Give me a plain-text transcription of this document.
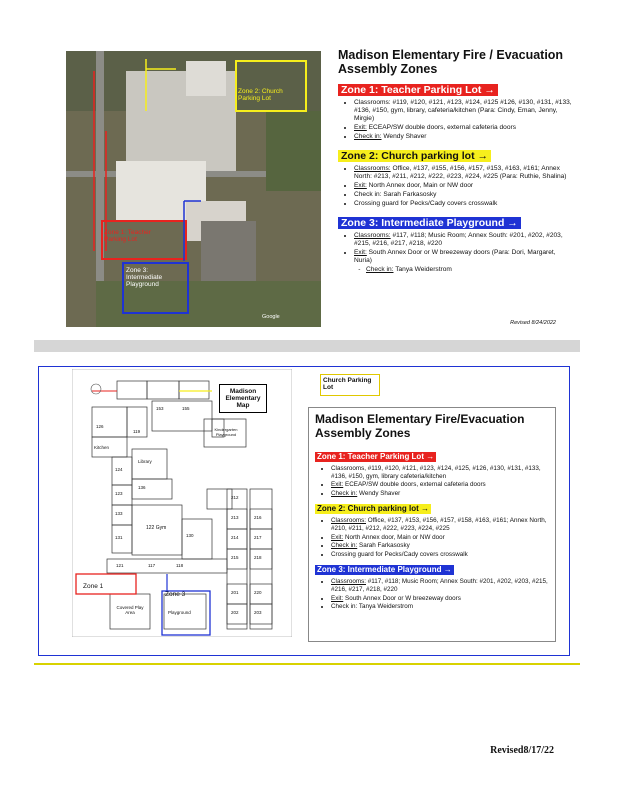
Zone 2: Church Parking Lot
Zone 1: Teacher Parking Lot
Zone 3: Intermediate Playground
Google
Madison Elementary Fire / Evacuation
Assembly Zones
Zone 1: Teacher Parking Lot →
• Classrooms: #119, #120, #121, #123, #124, #125 #126, #130, #131, #133, #136, #150, gym, library, cafeteria/kitchen (Para: Cindy, Eman, Jenny, Mirgie)
• Exit: ECEAP/SW double doors, external cafeteria doors
• Check in: Wendy Shaver
Zone 2: Church parking lot →
• Classrooms: Office, #137, #155, #156, #157, #153, #163, #161; Annex North: #213, #211, #212, #222, #223, #224, #225 (Para: Ruthie, Shalina)
• Exit: North Annex door, Main or NW door
• Check in: Sarah Farkasosky
• Crossing guard for Pecks/Cady covers crosswalk
Zone 3: Intermediate Playground →
• Classrooms: #117, #118; Music Room; Annex South: #201, #202, #203, #215, #216, #217, #218, #220
• Exit: South Annex Door or W breezeway doors (Para: Dori, Margaret, Nuria)
- Check in: Tanya Weiderstrom
Revised 8/24/2022
Zone 1
Zone 3
126
119
153	155
Kitchen
124
123
Library
136
133
131
122 Gym
130
121	117	118
Kindergarten Playground
212
213
214
215
216
217
218
220
201
202	203
Covered Play Area	Playground
Madison Elementary Map
Church Parking Lot
Madison Elementary Fire/Evacuation
Assembly Zones
Zone 1: Teacher Parking Lot →
• Classrooms, #119, #120, #121, #123, #124, #125, #126, #130, #131, #133, #136, #150, gym, library cafeteria/kitchen
• Exit: ECEAP/SW double doors, external cafeteria doors
• Check in: Wendy Shaver
Zone 2: Church parking lot →
• Classrooms: Office, #137, #153, #156, #157, #158, #163, #161; Annex North, #210, #211, #212, #222, #223, #224, #225
• Exit: North Annex door, Main or NW door
• Check in: Sarah Farkasosky
• Crossing guard for Pecks/Cady covers crosswalk
Zone 3: Intermediate Playground →
• Classrooms: #117, #118; Music Room; Annex South: #201, #202, #203, #215, #216, #217, #218, #220
• Exit: South Annex Door or W breezeway doors
• Check in: Tanya Weiderstrom
Revised8/17/22
